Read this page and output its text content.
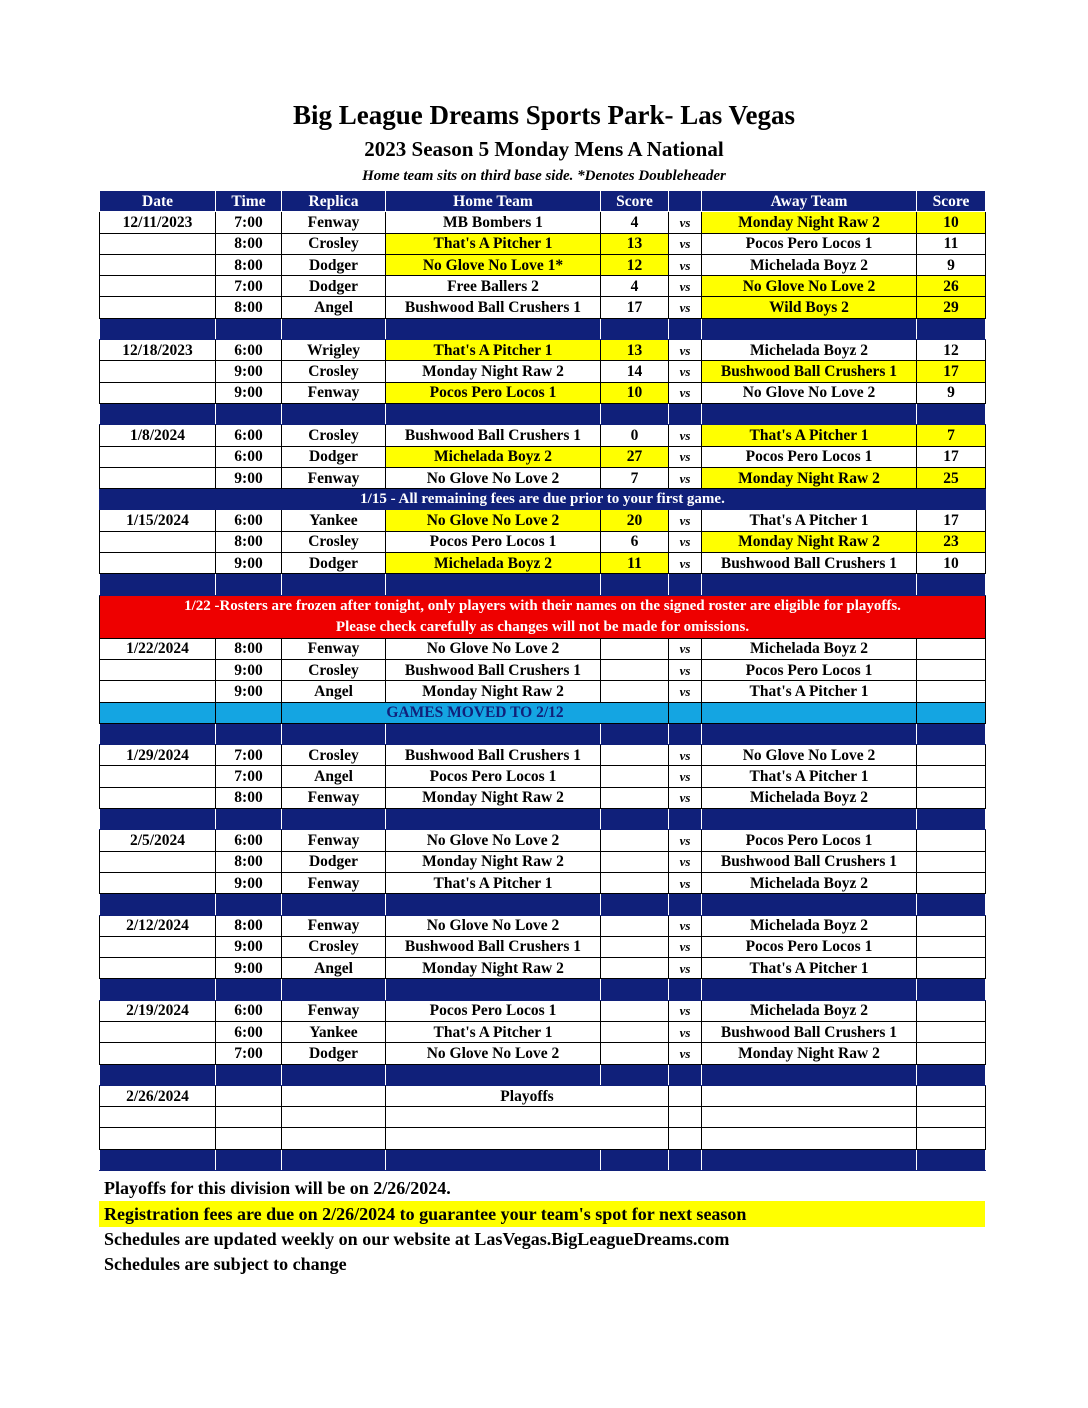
Big League Dreams Sports Park- Las Vegas
2023 Season 5 Monday Mens A National
Home team sits on third base side. *Denotes Doubleheader
Date	Time	Replica	Home Team	Score		Away Team	Score
12/11/2023	7:00	Fenway	MB Bombers 1	4	vs	Monday Night Raw 2	10
	8:00	Crosley	That's A Pitcher 1	13	vs	Pocos Pero Locos 1	11
	8:00	Dodger	No Glove No Love 1*	12	vs	Michelada Boyz 2	9
	7:00	Dodger	Free Ballers 2	4	vs	No Glove No Love 2	26
	8:00	Angel	Bushwood Ball Crushers 1	17	vs	Wild Boys 2	29

12/18/2023	6:00	Wrigley	That's A Pitcher 1	13	vs	Michelada Boyz 2	12
	9:00	Crosley	Monday Night Raw 2	14	vs	Bushwood Ball Crushers 1	17
	9:00	Fenway	Pocos Pero Locos 1	10	vs	No Glove No Love 2	9

1/8/2024	6:00	Crosley	Bushwood Ball Crushers 1	0	vs	That's A Pitcher 1	7
	6:00	Dodger	Michelada Boyz 2	27	vs	Pocos Pero Locos 1	17
	9:00	Fenway	No Glove No Love 2	7	vs	Monday Night Raw 2	25
1/15 - All remaining fees are due prior to your first game.							
1/15/2024	6:00	Yankee	No Glove No Love 2	20	vs	That's A Pitcher 1	17
	8:00	Crosley	Pocos Pero Locos 1	6	vs	Monday Night Raw 2	23
	9:00	Dodger	Michelada Boyz 2	11	vs	Bushwood Ball Crushers 1	10

1/22 -Rosters are frozen after tonight, only players with their names on the signed roster are eligible for playoffs.
Please check carefully as changes will not be made for omissions.							

1/22/2024	8:00	Fenway	No Glove No Love 2		vs	Michelada Boyz 2	
	9:00	Crosley	Bushwood Ball Crushers 1		vs	Pocos Pero Locos 1	
	9:00	Angel	Monday Night Raw 2		vs	That's A Pitcher 1	
		GAMES MOVED TO 2/12					

1/29/2024	7:00	Crosley	Bushwood Ball Crushers 1		vs	No Glove No Love 2	
	7:00	Angel	Pocos Pero Locos 1		vs	That's A Pitcher 1	
	8:00	Fenway	Monday Night Raw 2		vs	Michelada Boyz 2	

2/5/2024	6:00	Fenway	No Glove No Love 2		vs	Pocos Pero Locos 1	
	8:00	Dodger	Monday Night Raw 2		vs	Bushwood Ball Crushers 1	
	9:00	Fenway	That's A Pitcher 1		vs	Michelada Boyz 2	

2/12/2024	8:00	Fenway	No Glove No Love 2		vs	Michelada Boyz 2	
	9:00	Crosley	Bushwood Ball Crushers 1		vs	Pocos Pero Locos 1	
	9:00	Angel	Monday Night Raw 2		vs	That's A Pitcher 1	

2/19/2024	6:00	Fenway	Pocos Pero Locos 1		vs	Michelada Boyz 2	
	6:00	Yankee	That's A Pitcher 1		vs	Bushwood Ball Crushers 1	
	7:00	Dodger	No Glove No Love 2		vs	Monday Night Raw 2	

2/26/2024			Playoffs				

Playoffs for this division will be on 2/26/2024.
Registration fees are due on 2/26/2024 to guarantee your team's spot for next season
Schedules are updated weekly on our website at LasVegas.BigLeagueDreams.com
Schedules are subject to change
